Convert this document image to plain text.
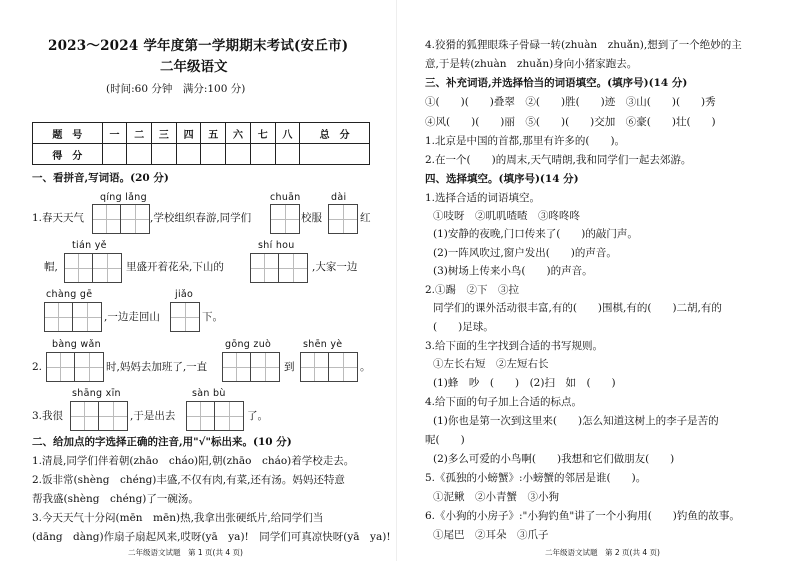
2023～2024 学年度第一学期期末考试(安丘市)
二年级语文
(时间:60 分钟　满分:100 分)
题　号	一	二	三	四	五	六	七	八	总　分
得　分									
一、看拼音,写词语。(20 分)
qíng lǎng	chuān	dài
1.春天天气	,学校组织春游,同学们	校服	红
tián yě	shí hou
帽,	里盛开着花朵,下山的	,大家一边
chàng gē	jiǎo
,一边走回山	下。
bàng wǎn	gōng zuò	shēn yè
2.	时,妈妈去加班了,一直	到	。
shāng xīn	sàn bù
3.我很	,于是出去	了。
二、给加点的字选择正确的注音,用"√"标出来。(10 分)
1.清晨,同学们伴着朝(zhāo　cháo)阳,朝(zhāo　cháo)着学校走去。
2.饭非常(shèng　chéng)丰盛,不仅有肉,有菜,还有汤。妈妈还特意
帮我盛(shèng　chéng)了一碗汤。
3.今天天气十分闷(mēn　mēn)热,我拿出张硬纸片,给同学们当
(dāng　dàng)作扇子扇起风来,哎呀(yā　ya)!　同学们可真凉快呀(yā　ya)!
二年级语文试题　第 1 页(共 4 页)
4.狡猾的狐狸眼珠子骨碌一转(zhuàn　zhuǎn),想到了一个绝妙的主
意,于是转(zhuàn　zhuǎn)身向小猪家跑去。
三、补充词语,并选择恰当的词语填空。(填序号)(14 分)
①(　　)(　　)叠翠　②(　　)胜(　　)迹　③山(　　)(　　)秀
④风(　　)(　　)丽　⑤(　　)(　　)交加　⑥豪(　　)壮(　　)
1.北京是中国的首都,那里有许多的(　　)。
2.在一个(　　)的周末,天气晴朗,我和同学们一起去郊游。
四、选择填空。(填序号)(14 分)
1.选择合适的词语填空。
①吱呀　②叽叽喳喳　③咚咚咚
(1)安静的夜晚,门口传来了(　　)的敲门声。
(2)一阵风吹过,窗户发出(　　)的声音。
(3)树场上传来小鸟(　　)的声音。
2.①踢　②下　③拉
同学们的课外活动很丰富,有的(　　)围棋,有的(　　)二胡,有的
(　　)足球。
3.给下面的生字找到合适的书写规则。
①左长右短　②左短右长
(1)蜂　吵　(　　)　(2)扫　如　(　　)
4.给下面的句子加上合适的标点。
(1)你也是第一次到这里来(　　)怎么知道这树上的李子是苦的
呢(　　)
(2)多么可爱的小鸟啊(　　)我想和它们做朋友(　　)
5.《孤独的小螃蟹》:小螃蟹的邻居是谁(　　)。
①泥鳅　②小青蟹　③小狗
6.《小狗的小房子》:"小狗钓鱼"讲了一个小狗用(　　)钓鱼的故事。
①尾巴　②耳朵　③爪子
二年级语文试题　第 2 页(共 4 页)
